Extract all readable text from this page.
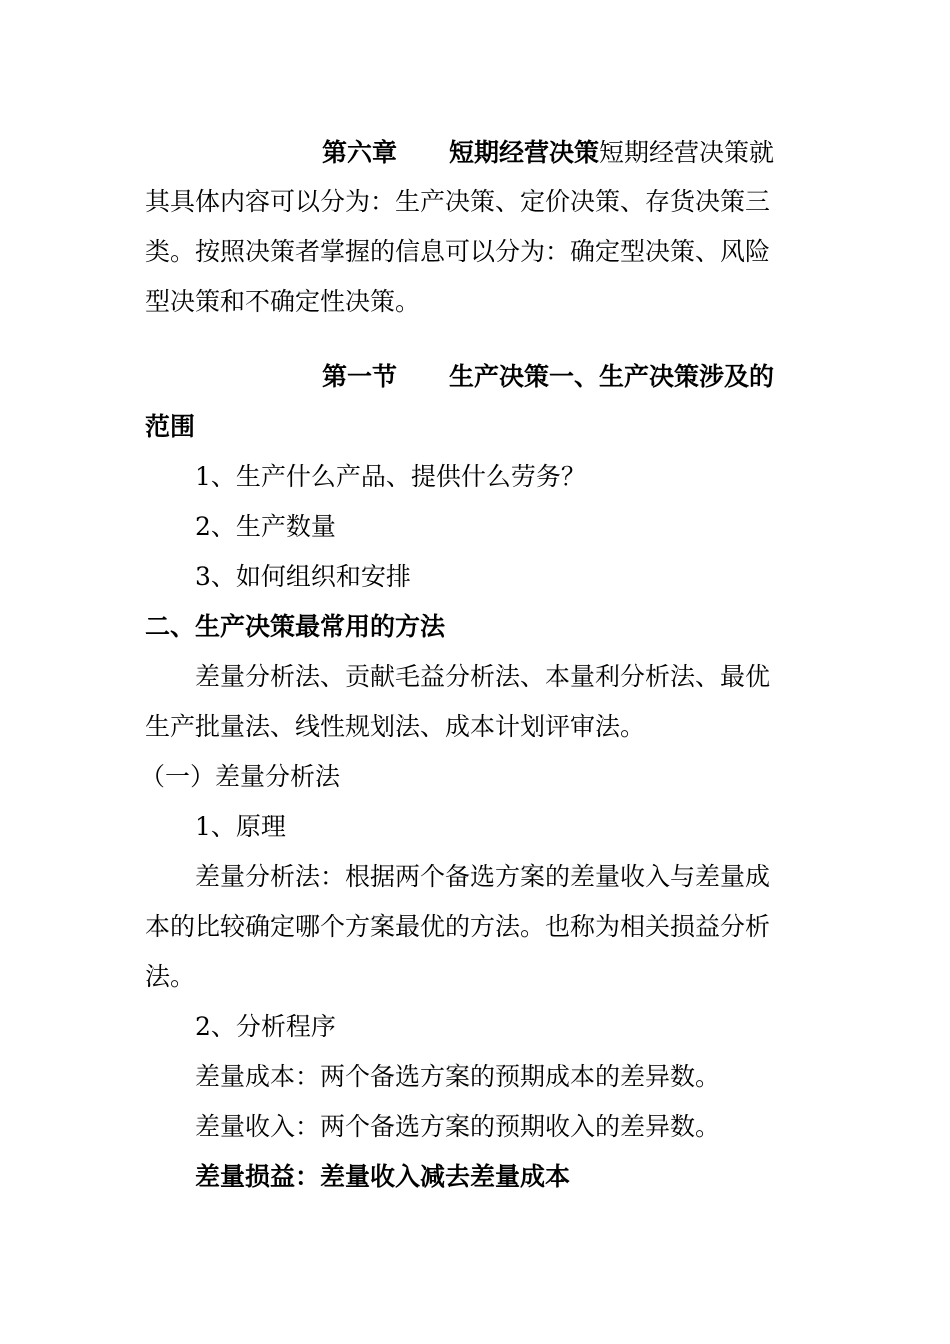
第六章 短期经营决策短期经营决策就
其具体内容可以分为：生产决策、定价决策、存货决策三
类。按照决策者掌握的信息可以分为：确定型决策、风险
型决策和不确定性决策。
第一节 生产决策一、生产决策涉及的
范围
1、生产什么产品、提供什么劳务？
2、生产数量
3、如何组织和安排
二、生产决策最常用的方法
差量分析法、贡献毛益分析法、本量利分析法、最优
生产批量法、线性规划法、成本计划评审法。
（一）差量分析法
1、原理
差量分析法：根据两个备选方案的差量收入与差量成
本的比较确定哪个方案最优的方法。也称为相关损益分析
法。
2、分析程序
差量成本：两个备选方案的预期成本的差异数。
差量收入：两个备选方案的预期收入的差异数。
差量损益：差量收入减去差量成本
